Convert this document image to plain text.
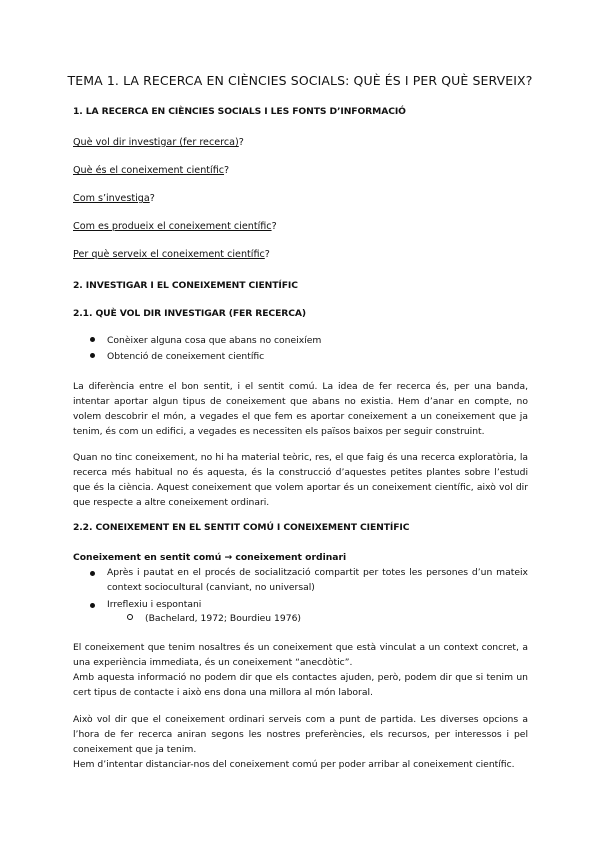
TEMA 1. LA RECERCA EN CIÈNCIES SOCIALS: QUÈ ÉS I PER QUÈ SERVEIX?
1. LA RECERCA EN CIÈNCIES SOCIALS I LES FONTS D’INFORMACIÓ
Què vol dir investigar (fer recerca)?
Què és el coneixement científic?
Com s’investiga?
Com es produeix el coneixement científic?
Per què serveix el coneixement científic?
2. INVESTIGAR I EL CONEIXEMENT CIENTÍFIC
2.1. QUÈ VOL DIR INVESTIGAR (FER RECERCA)
Conèixer alguna cosa que abans no coneixíem
Obtenció de coneixement científic
La diferència entre el bon sentit, i el sentit comú. La idea de fer recerca és, per una banda, intentar aportar algun tipus de coneixement que abans no existia. Hem d’anar en compte, no volem descobrir el món, a vegades el que fem es aportar coneixement a un coneixement que ja tenim, és com un edifici, a vegades es necessiten els països baixos per seguir construint.
Quan no tinc coneixement, no hi ha material teòric, res, el que faig és una recerca exploratòria, la recerca més habitual no és aquesta, és la construcció d’aquestes petites plantes sobre l’estudi que és la ciència. Aquest coneixement que volem aportar és un coneixement científic, això vol dir que respecte a altre coneixement ordinari.
2.2. CONEIXEMENT EN EL SENTIT COMÚ I CONEIXEMENT CIENTÍFIC
Coneixement en sentit comú → coneixement ordinari
Après i pautat en el procés de socialització compartit per totes les persones d’un mateix context sociocultural (canviant, no universal)
Irreflexiu i espontani
(Bachelard, 1972; Bourdieu 1976)
El coneixement que tenim nosaltres és un coneixement que està vinculat a un context concret, a una experiència immediata, és un coneixement “anecdòtic”.
Amb aquesta informació no podem dir que els contactes ajuden, però, podem dir que si tenim un cert tipus de contacte i això ens dona una millora al món laboral.
Això vol dir que el coneixement ordinari serveis com a punt de partida. Les diverses opcions a l’hora de fer recerca aniran segons les nostres preferències, els recursos, per interessos i pel coneixement que ja tenim.
Hem d’intentar distanciar-nos del coneixement comú per poder arribar al coneixement científic.
